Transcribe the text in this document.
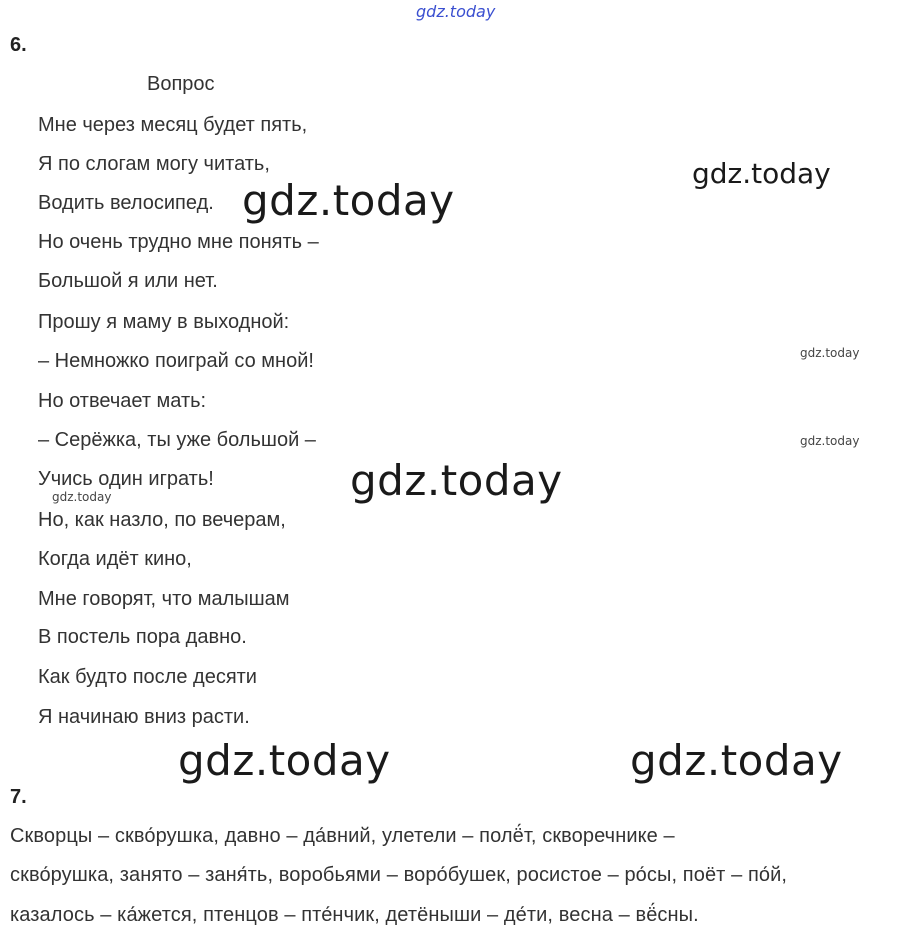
gdz.today
gdz.today
gdz.today
gdz.today
gdz.today
gdz.today
gdz.today
gdz.today	gdz.today
6.
Вопрос
Мне через месяц будет пять,
Я по слогам могу читать,
Водить велосипед.
Но очень трудно мне понять –
Большой я или нет.
Прошу я маму в выходной:
– Немножко поиграй со мной!
Но отвечает мать:
– Серёжка, ты уже большой –
Учись один играть!
Но, как назло, по вечерам,
Когда идёт кино,
Мне говорят, что малышам
В постель пора давно.
Как будто после десяти
Я начинаю вниз расти.
7.
Скворцы – скво́рушка, давно – да́вний, улетели – полё́т, скворечнике –
скво́рушка, занято – заня́ть, воробьями – воро́бушек, росистое – ро́сы, поёт – по́й,
казалось – ка́жется, птенцов – пте́нчик, детёныши – де́ти, весна – вё́сны.
